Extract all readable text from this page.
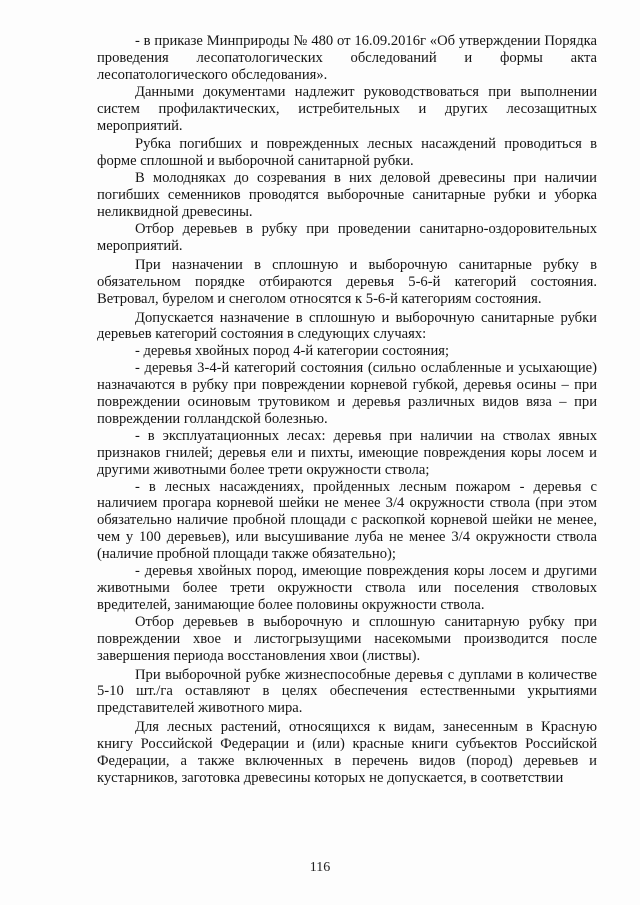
- в приказе Минприроды № 480 от 16.09.2016г «Об утверждении Порядка проведения лесопатологических обследований и формы акта лесопатологического обследования».

Данными документами надлежит руководствоваться при выполнении систем профилактических, истребительных и других лесозащитных мероприятий.

Рубка погибших и поврежденных лесных насаждений проводиться в форме сплошной и выборочной санитарной рубки.

В молодняках до созревания в них деловой древесины при наличии погибших семенников проводятся выборочные санитарные рубки и уборка неликвидной древесины.

Отбор деревьев в рубку при проведении санитарно-оздоровительных мероприятий.

При назначении в сплошную и выборочную санитарные рубку в обязательном порядке отбираются деревья 5-6-й категорий состояния. Ветровал, бурелом и снеголом относятся к 5-6-й категориям состояния.

Допускается назначение в сплошную и выборочную санитарные рубки деревьев категорий состояния в следующих случаях:

- деревья хвойных пород 4-й категории состояния;

- деревья 3-4-й категорий состояния (сильно ослабленные и усыхающие) назначаются в рубку при повреждении корневой губкой, деревья осины – при повреждении осиновым трутовиком и деревья различных видов вяза – при повреждении голландской болезнью.

- в эксплуатационных лесах: деревья при наличии на стволах явных признаков гнилей; деревья ели и пихты, имеющие повреждения коры лосем и другими животными более трети окружности ствола;

- в лесных насаждениях, пройденных лесным пожаром - деревья с наличием прогара корневой шейки не менее 3/4 окружности ствола (при этом обязательно наличие пробной площади с раскопкой корневой шейки не менее, чем у 100 деревьев), или высушивание луба не менее 3/4 окружности ствола (наличие пробной площади также обязательно);

- деревья хвойных пород, имеющие повреждения коры лосем и другими животными более трети окружности ствола или поселения стволовых вредителей, занимающие более половины окружности ствола.

Отбор деревьев в выборочную и сплошную санитарную рубку при повреждении хвое и листогрызущими насекомыми производится после завершения периода восстановления хвои (листвы).

При выборочной рубке жизнеспособные деревья с дуплами в количестве 5-10 шт./га оставляют в целях обеспечения естественными укрытиями представителей животного мира.

Для лесных растений, относящихся к видам, занесенным в Красную книгу Российской Федерации и (или) красные книги субъектов Российской Федерации, а также включенных в перечень видов (пород) деревьев и кустарников, заготовка древесины которых не допускается, в соответствии

116
